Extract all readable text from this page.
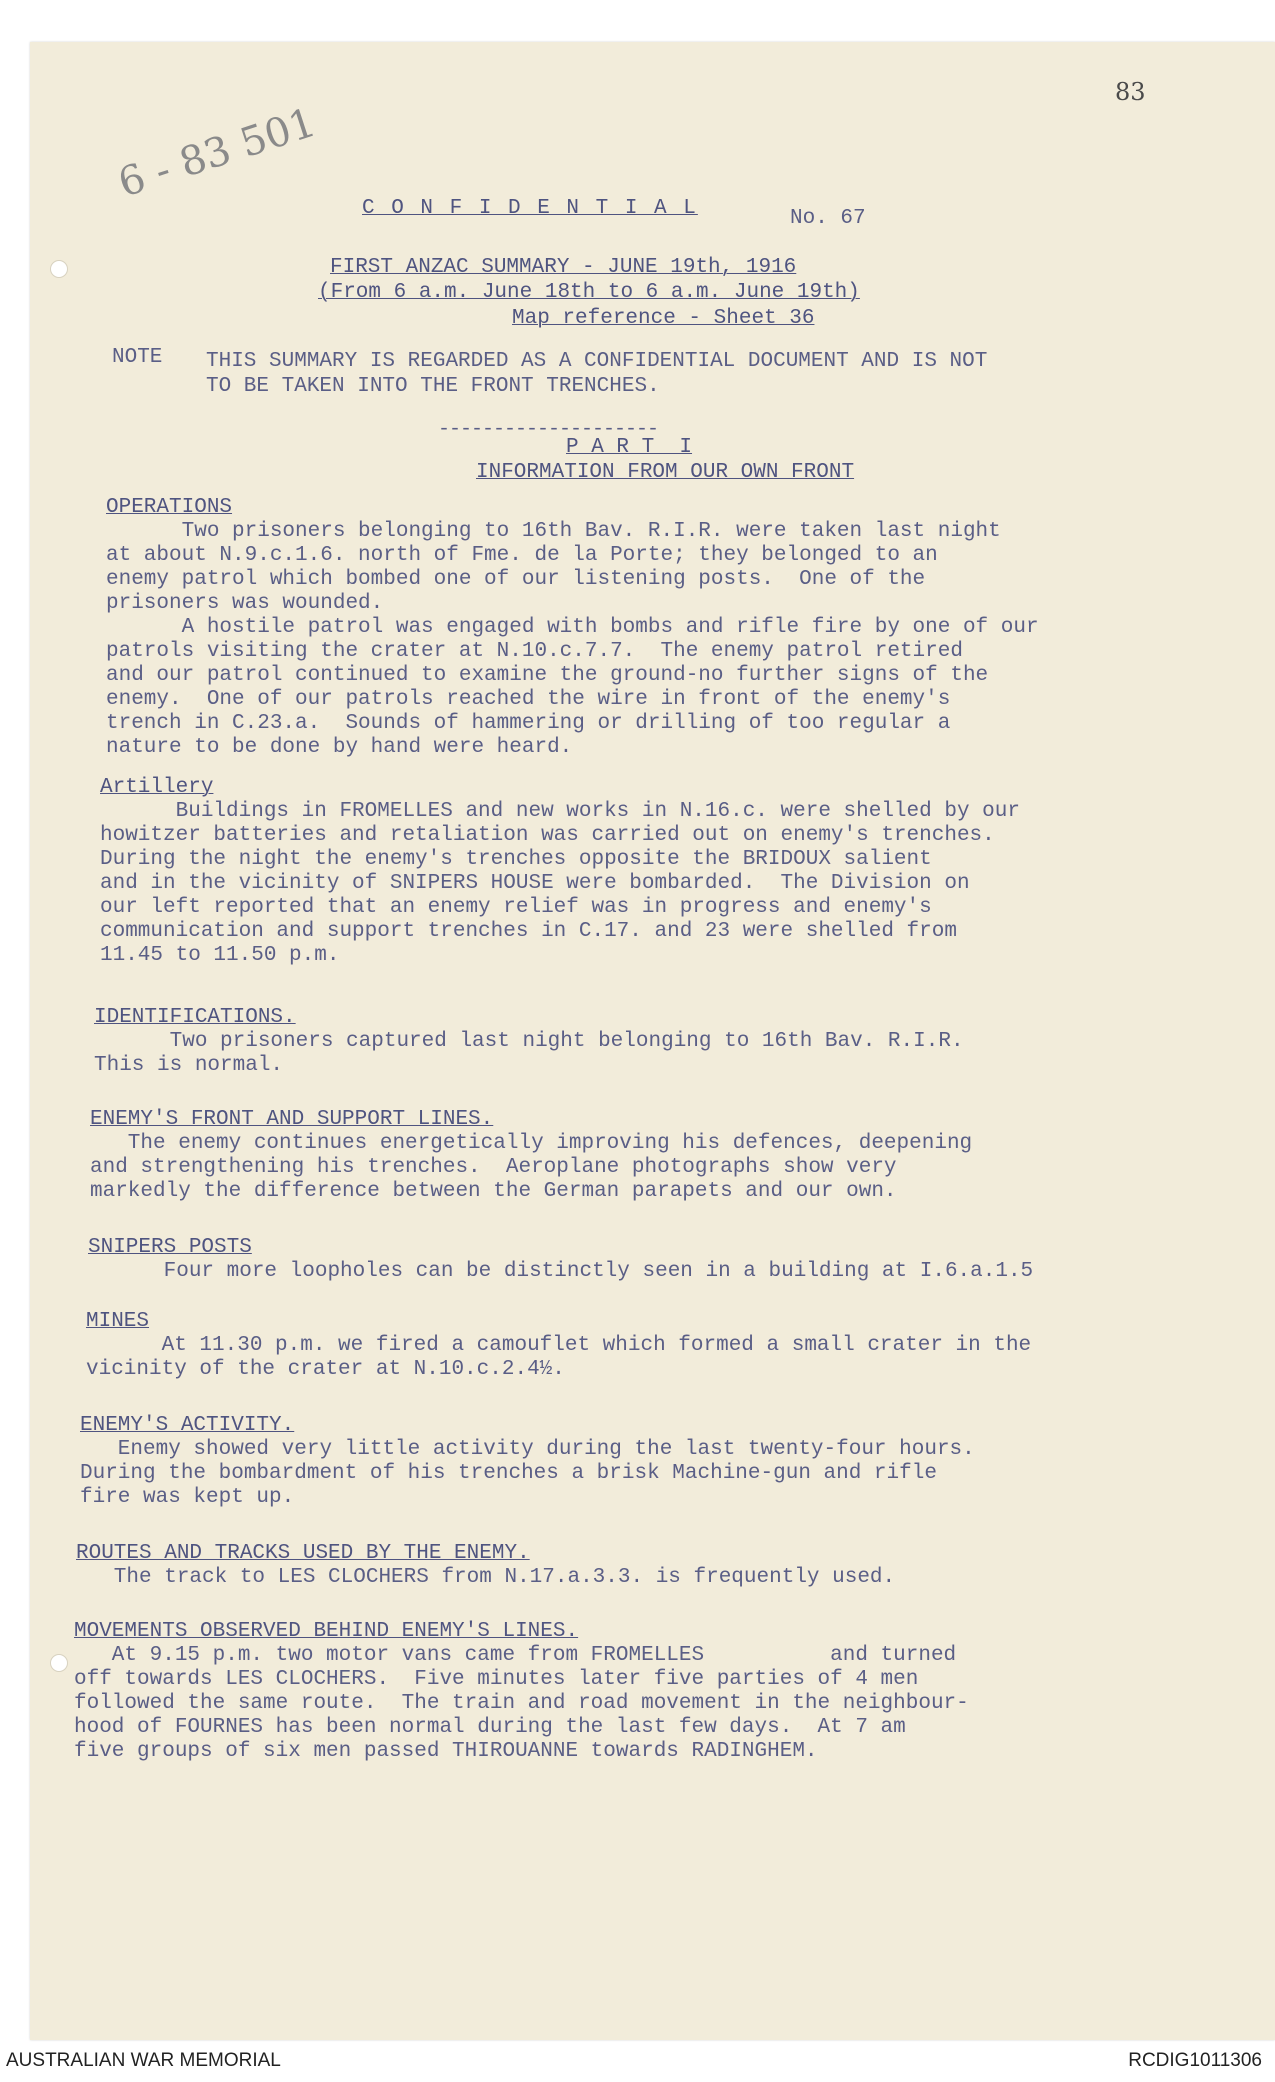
6 - 83 501
83
C O N F I D E N T I A L	No. 67
FIRST ANZAC SUMMARY - JUNE 19th, 1916
(From 6 a.m. June 18th to 6 a.m. June 19th)
Map reference - Sheet 36
NOTE THIS SUMMARY IS REGARDED AS A CONFIDENTIAL DOCUMENT AND IS NOT
TO BE TAKEN INTO THE FRONT TRENCHES.
--------------------
P A R T  I
INFORMATION FROM OUR OWN FRONT

OPERATIONS

Two prisoners belonging to 16th Bav. R.I.R. were taken last night

at about N.9.c.1.6. north of Fme. de la Porte; they belonged to an

enemy patrol which bombed one of our listening posts.  One of the

prisoners was wounded.

A hostile patrol was engaged with bombs and rifle fire by one of our

patrols visiting the crater at N.10.c.7.7.  The enemy patrol retired

and our patrol continued to examine the ground-no further signs of the

enemy.  One of our patrols reached the wire in front of the enemy's

trench in C.23.a.  Sounds of hammering or drilling of too regular a

nature to be done by hand were heard.

Artillery

Buildings in FROMELLES and new works in N.16.c. were shelled by our

howitzer batteries and retaliation was carried out on enemy's trenches.

During the night the enemy's trenches opposite the BRIDOUX salient

and in the vicinity of SNIPERS HOUSE were bombarded.  The Division on

our left reported that an enemy relief was in progress and enemy's

communication and support trenches in C.17. and 23 were shelled from

11.45 to 11.50 p.m.

IDENTIFICATIONS.

Two prisoners captured last night belonging to 16th Bav. R.I.R.

This is normal.

ENEMY'S FRONT AND SUPPORT LINES.

The enemy continues energetically improving his defences, deepening

and strengthening his trenches.  Aeroplane photographs show very

markedly the difference between the German parapets and our own.

SNIPERS POSTS

Four more loopholes can be distinctly seen in a building at I.6.a.1.5

MINES

At 11.30 p.m. we fired a camouflet which formed a small crater in the

vicinity of the crater at N.10.c.2.4½.

ENEMY'S ACTIVITY.

Enemy showed very little activity during the last twenty-four hours.

During the bombardment of his trenches a brisk Machine-gun and rifle

fire was kept up.

ROUTES AND TRACKS USED BY THE ENEMY.

The track to LES CLOCHERS from N.17.a.3.3. is frequently used.

MOVEMENTS OBSERVED BEHIND ENEMY'S LINES.

At 9.15 p.m. two motor vans came from FROMELLES          and turned

off towards LES CLOCHERS.  Five minutes later five parties of 4 men

followed the same route.  The train and road movement in the neighbour-

hood of FOURNES has been normal during the last few days.  At 7 am

five groups of six men passed THIROUANNE towards RADINGHEM.

AUSTRALIAN WAR MEMORIAL	RCDIG1011306
